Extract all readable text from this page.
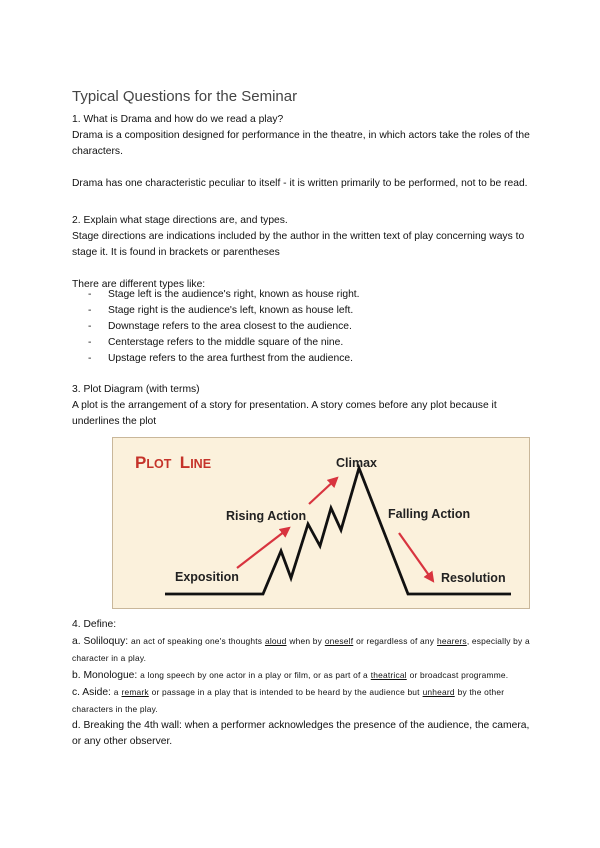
Typical Questions for the Seminar

1. What is Drama and how do we read a play?

Drama is a composition designed for performance in the theatre, in which actors take the roles of the characters.

Drama has one characteristic peculiar to itself - it is written primarily to be performed, not to be read.

2. Explain what stage directions are, and types.

Stage directions are indications included by the author in the written text of play concerning ways to stage it. It is found in brackets or parentheses

There are different types like:

- Stage left is the audience's right, known as house right.
- Stage right is the audience's left, known as house left.
- Downstage refers to the area closest to the audience.
- Centerstage refers to the middle square of the nine.
- Upstage refers to the area furthest from the audience.

3. Plot Diagram (with terms)

A plot is the arrangement of a story for presentation. A story comes before any plot because it underlines the plot

PLOT LINE
Exposition
Rising Action
Climax
Falling Action
Resolution

4. Define:

a. Soliloquy: an act of speaking one's thoughts aloud when by oneself or regardless of any hearers, especially by a character in a play.

b. Monologue: a long speech by one actor in a play or film, or as part of a theatrical or broadcast programme.

c. Aside: a remark or passage in a play that is intended to be heard by the audience but unheard by the other characters in the play.

d. Breaking the 4th wall: when a performer acknowledges the presence of the audience, the camera, or any other observer.
